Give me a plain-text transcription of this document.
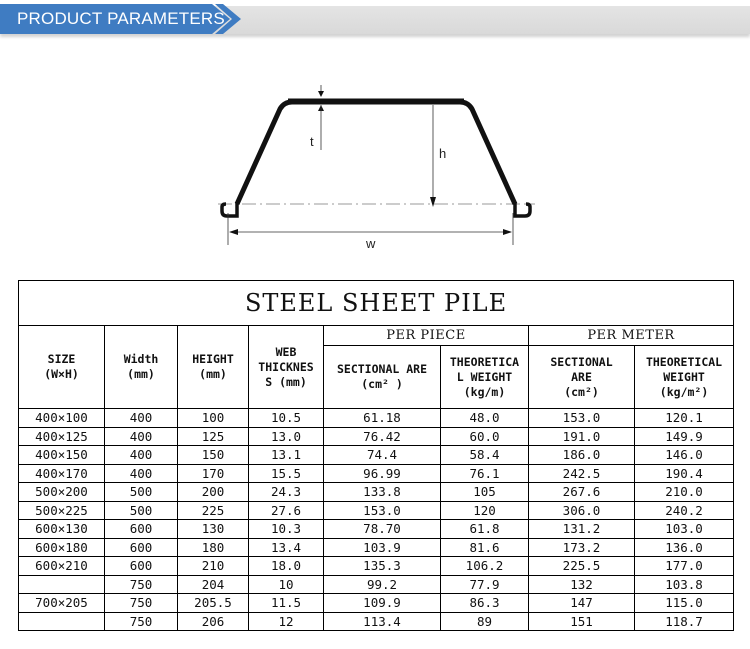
PRODUCT PARAMETERS
t
h
w
STEEL SHEET PILE							

SIZE
(W×H)

Width
(mm)

HEIGHT
(mm)

WEB
THICKNES
S (mm)
	PER PIECE	PER METER

SECTIONAL ARE
(cm² )

THEORETICA
L WEIGHT
(kg/m)

SECTIONAL
ARE
(cm²)

THEORETICAL
WEIGHT
(kg/m²)

400×100	400	100	10.5	61.18	48.0	153.0	120.1
400×125	400	125	13.0	76.42	60.0	191.0	149.9
400×150	400	150	13.1	74.4	58.4	186.0	146.0
400×170	400	170	15.5	96.99	76.1	242.5	190.4
500×200	500	200	24.3	133.8	105	267.6	210.0
500×225	500	225	27.6	153.0	120	306.0	240.2
600×130	600	130	10.3	78.70	61.8	131.2	103.0
600×180	600	180	13.4	103.9	81.6	173.2	136.0
600×210	600	210	18.0	135.3	106.2	225.5	177.0
	750	204	10	99.2	77.9	132	103.8
700×205	750	205.5	11.5	109.9	86.3	147	115.0
	750	206	12	113.4	89	151	118.7
